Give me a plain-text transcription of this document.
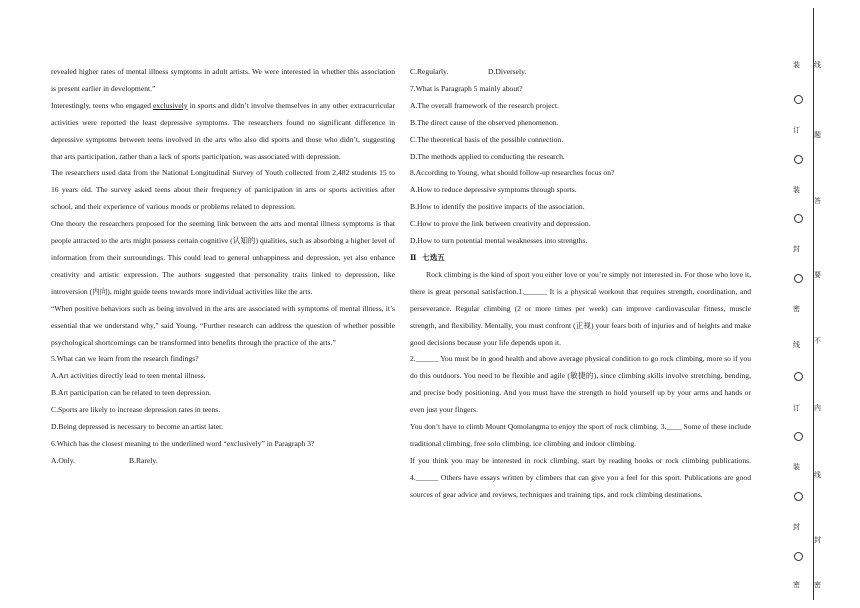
revealed higher rates of mental illness symptoms in adult artists. We were interested in whether this association is present earlier in development.”

Interestingly, teens who engaged exclusively in sports and didn’t involve themselves in any other extracurricular activities were reported the least depressive symptoms. The researchers found no significant difference in depressive symptoms between teens involved in the arts who also did sports and those who didn’t, suggesting that arts participation, rather than a lack of sports participation, was associated with depression.

The researchers used data from the National Longitudinal Survey of Youth collected from 2,482 students 15 to 16 years old. The survey asked teens about their frequency of participation in arts or sports activities after school, and their experience of various moods or problems related to depression.

One theory the researchers proposed for the seeming link between the arts and mental illness symptoms is that people attracted to the arts might possess certain cognitive (认知的) qualities, such as absorbing a higher level of information from their surroundings. This could lead to general unhappiness and depression, yet also enhance creativity and artistic expression. The authors suggested that personality traits linked to depression, like introversion (内向), might guide teens towards more individual activities like the arts.

“When positive behaviors such as being involved in the arts are associated with symptoms of mental illness, it’s essential that we understand why,” said Young. “Further research can address the question of whether possible psychological shortcomings can be transformed into benefits through the practice of the arts.”

5.What can we learn from the research findings?

A.Art activities directly lead to teen mental illness.

B.Art participation can be related to teen depression.

C.Sports are likely to increase depression rates in teens.

D.Being depressed is necessary to become an artist later.

6.Which has the closest meaning to the underlined word “exclusively” in Paragraph 3?

A.Only.	B.Rarely.

C.Regularly.	D.Diversely.

7.What is Paragraph 5 mainly about?

A.The overall framework of the research project.

B.The direct cause of the observed phenomenon.

C.The theoretical basis of the possible connection.

D.The methods applied to conducting the research.

8.According to Young, what should follow-up researches focus on?

A.How to reduce depressive symptoms through sports.

B.How to identify the positive impacts of the association.

C.How to prove the link between creativity and depression.

D.How to turn potential mental weaknesses into strengths.

Ⅱ 七选五

Rock climbing is the kind of sport you either love or you’re simply not interested in. For those who love it, there is great personal satisfaction.1.______ It is a physical workout that requires strength, coordination, and perseverance. Regular climbing (2 or more times per week) can improve cardiovascular fitness, muscle strength, and flexibility. Mentally, you must confront (正视) your fears both of injuries and of heights and make good decisions because your life depends upon it.

2.______ You must be in good health and above average physical condition to go rock climbing, more so if you do this outdoors. You need to be flexible and agile (敏捷的), since climbing skills involve stretching, bending, and precise body positioning. And you must have the strength to hold yourself up by your arms and hands or even just your fingers.

You don’t have to climb Mount Qomolangma to enjoy the sport of rock climbing. 3.____ Some of these include traditional climbing, free solo climbing, ice climbing and indoor climbing.

If you think you may be interested in rock climbing, start by reading books or rock climbing publications. 4.______ Others have essays written by climbers that can give you a feel for this sport. Publications are good sources of gear advice and reviews, techniques and training tips, and rock climbing destinations.

装
订
装
封
密
线
订
装
封
密
线
题
答
要
不
内
线
封
密
